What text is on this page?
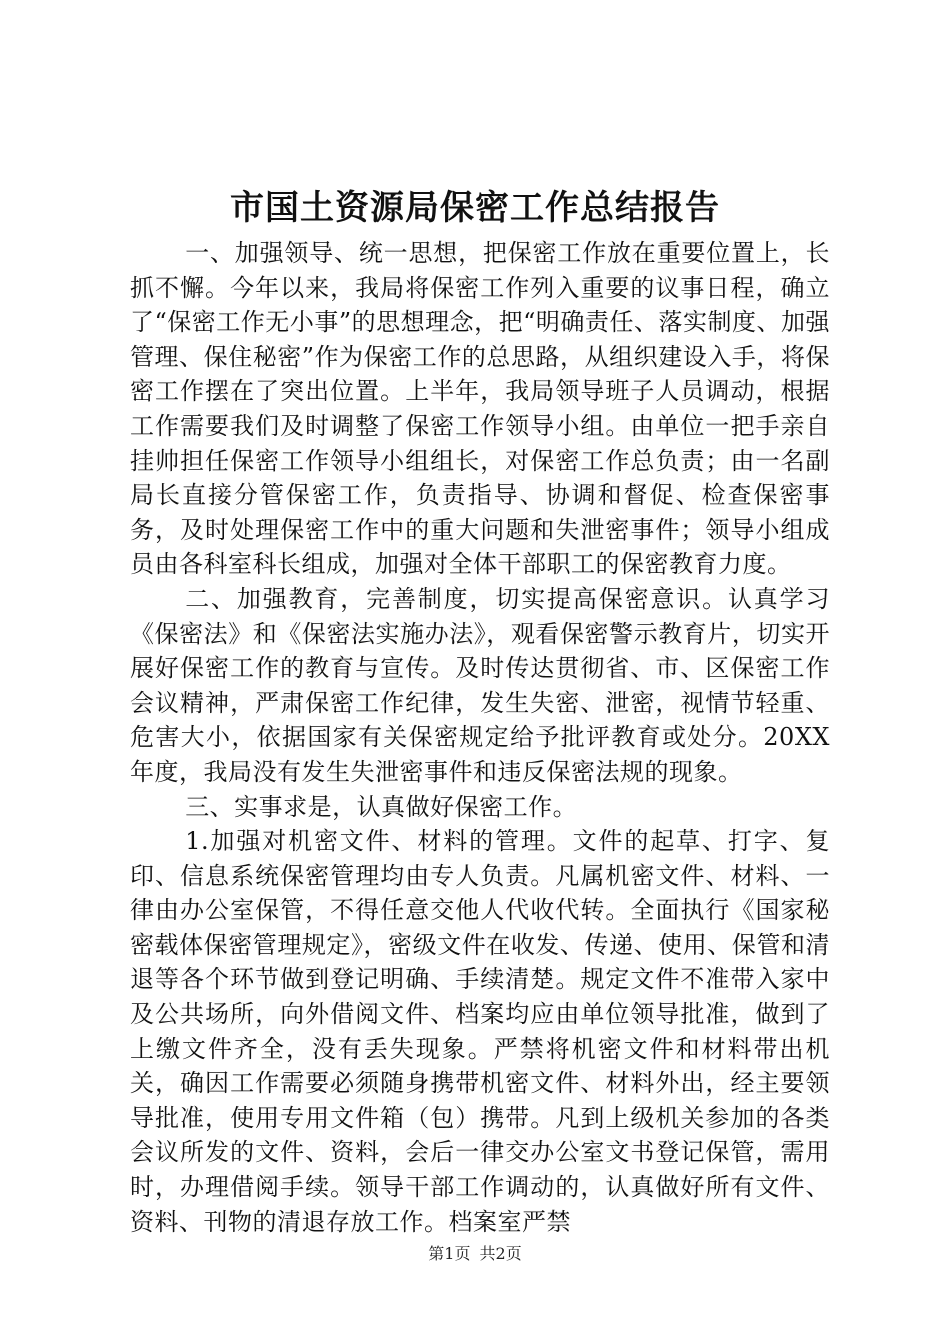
市国土资源局保密工作总结报告

一、加强领导、统一思想，把保密工作放在重要位置上，长抓不懈。今年以来，我局将保密工作列入重要的议事日程，确立了“保密工作无小事”的思想理念，把“明确责任、落实制度、加强管理、保住秘密”作为保密工作的总思路，从组织建设入手，将保密工作摆在了突出位置。上半年，我局领导班子人员调动，根据工作需要我们及时调整了保密工作领导小组。由单位一把手亲自挂帅担任保密工作领导小组组长，对保密工作总负责；由一名副局长直接分管保密工作，负责指导、协调和督促、检查保密事务，及时处理保密工作中的重大问题和失泄密事件；领导小组成员由各科室科长组成，加强对全体干部职工的保密教育力度。

二、加强教育，完善制度，切实提高保密意识。认真学习《保密法》和《保密法实施办法》，观看保密警示教育片，切实开展好保密工作的教育与宣传。及时传达贯彻省、市、区保密工作会议精神，严肃保密工作纪律，发生失密、泄密，视情节轻重、危害大小，依据国家有关保密规定给予批评教育或处分。20XX年度，我局没有发生失泄密事件和违反保密法规的现象。

三、实事求是，认真做好保密工作。

1.加强对机密文件、材料的管理。文件的起草、打字、复印、信息系统保密管理均由专人负责。凡属机密文件、材料、一律由办公室保管，不得任意交他人代收代转。全面执行《国家秘密载体保密管理规定》，密级文件在收发、传递、使用、保管和清退等各个环节做到登记明确、手续清楚。规定文件不准带入家中及公共场所，向外借阅文件、档案均应由单位领导批准，做到了上缴文件齐全，没有丢失现象。严禁将机密文件和材料带出机关，确因工作需要必须随身携带机密文件、材料外出，经主要领导批准，使用专用文件箱（包）携带。凡到上级机关参加的各类会议所发的文件、资料，会后一律交办公室文书登记保管，需用时，办理借阅手续。领导干部工作调动的，认真做好所有文件、资料、刊物的清退存放工作。档案室严禁

第1页 共2页
